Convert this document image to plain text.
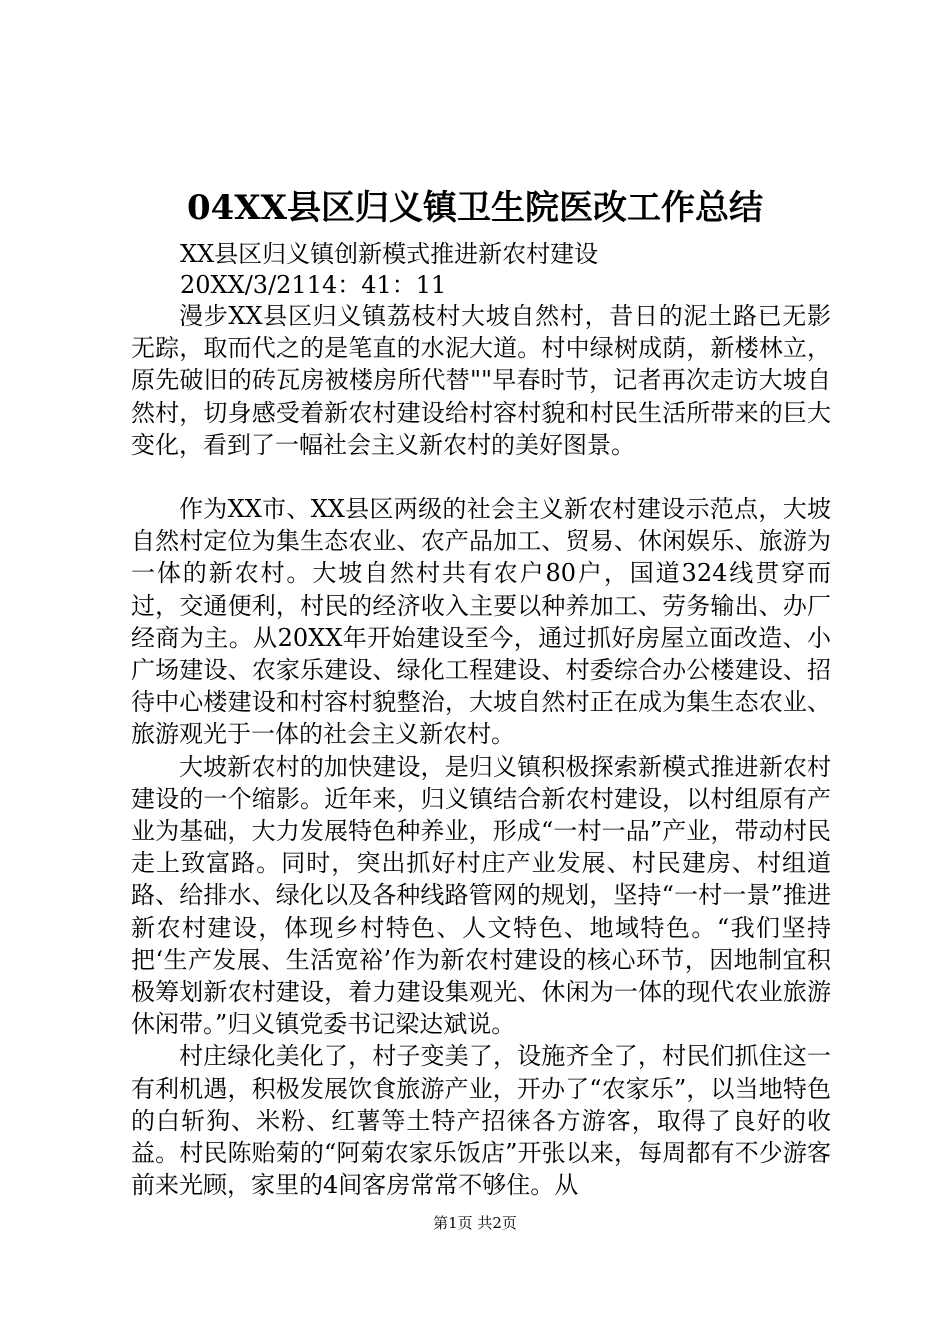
04XX县区归义镇卫生院医改工作总结
XX县区归义镇创新模式推进新农村建设
20XX/3/2114：41：11

漫步XX县区归义镇荔枝村大坡自然村，昔日的泥土路已无影无踪，取而代之的是笔直的水泥大道。村中绿树成荫，新楼林立，原先破旧的砖瓦房被楼房所代替""早春时节，记者再次走访大坡自然村，切身感受着新农村建设给村容村貌和村民生活所带来的巨大变化，看到了一幅社会主义新农村的美好图景。

作为XX市、XX县区两级的社会主义新农村建设示范点，大坡自然村定位为集生态农业、农产品加工、贸易、休闲娱乐、旅游为一体的新农村。大坡自然村共有农户80户，国道324线贯穿而过，交通便利，村民的经济收入主要以种养加工、劳务输出、办厂经商为主。从20XX年开始建设至今，通过抓好房屋立面改造、小广场建设、农家乐建设、绿化工程建设、村委综合办公楼建设、招待中心楼建设和村容村貌整治，大坡自然村正在成为集生态农业、旅游观光于一体的社会主义新农村。

大坡新农村的加快建设，是归义镇积极探索新模式推进新农村建设的一个缩影。近年来，归义镇结合新农村建设，以村组原有产业为基础，大力发展特色种养业，形成“一村一品”产业，带动村民走上致富路。同时，突出抓好村庄产业发展、村民建房、村组道路、给排水、绿化以及各种线路管网的规划，坚持“一村一景”推进新农村建设，体现乡村特色、人文特色、地域特色。“我们坚持把‘生产发展、生活宽裕’作为新农村建设的核心环节，因地制宜积极筹划新农村建设，着力建设集观光、休闲为一体的现代农业旅游休闲带。”归义镇党委书记梁达斌说。

村庄绿化美化了，村子变美了，设施齐全了，村民们抓住这一有利机遇，积极发展饮食旅游产业，开办了“农家乐”，以当地特色的白斩狗、米粉、红薯等土特产招徕各方游客，取得了良好的收益。村民陈贻菊的“阿菊农家乐饭店”开张以来，每周都有不少游客前来光顾，家里的4间客房常常不够住。从

第1页 共2页
